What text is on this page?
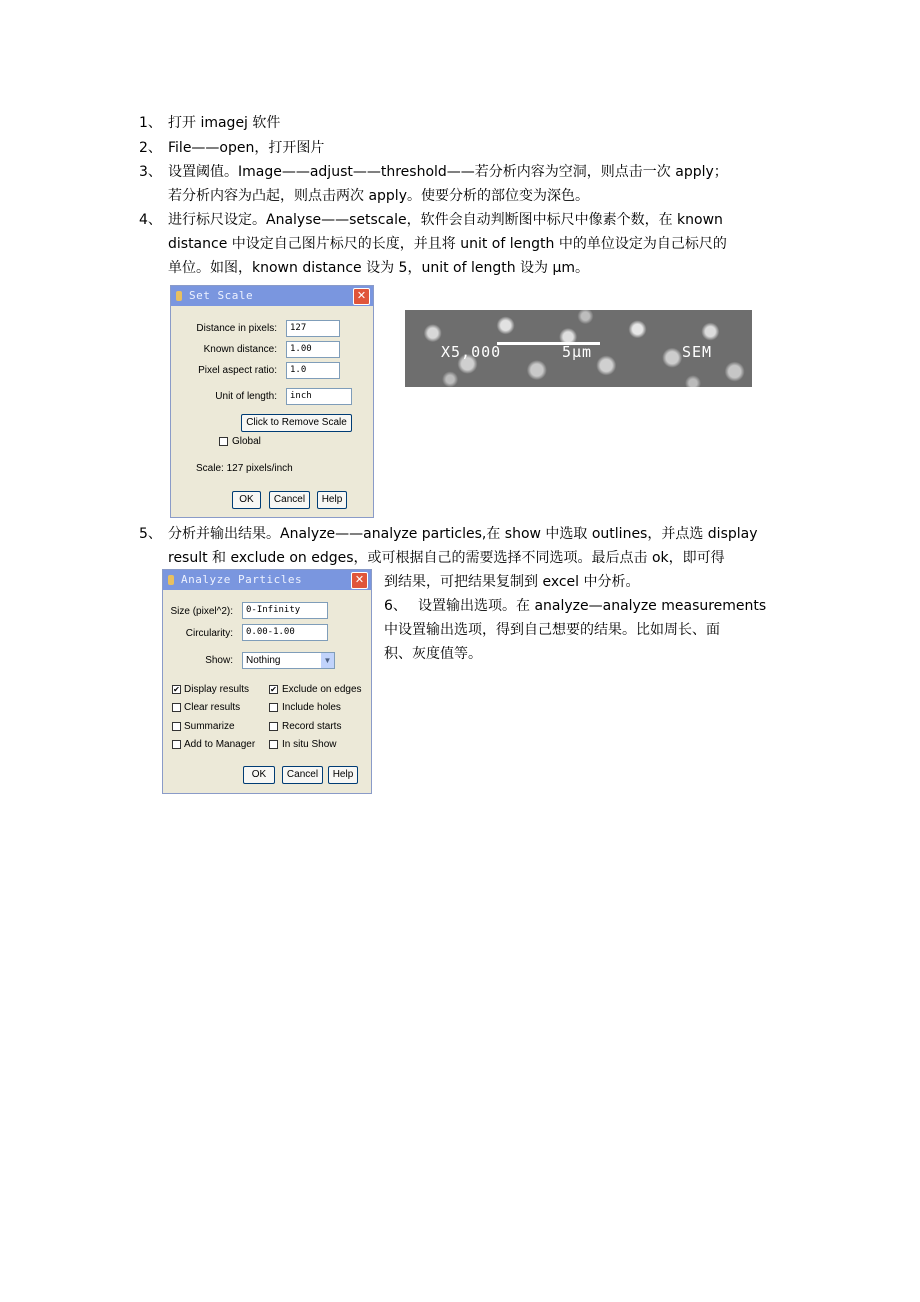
1、 打开 imagej 软件
2、 File——open，打开图片
3、 设置阈值。Image——adjust——threshold——若分析内容为空洞，则点击一次 apply；
若分析内容为凸起，则点击两次 apply。使要分析的部位变为深色。
4、 进行标尺设定。Analyse——setscale，软件会自动判断图中标尺中像素个数，在 known
distance 中设定自己图片标尺的长度，并且将 unit of length 中的单位设定为自己标尺的
单位。如图，known distance 设为 5，unit of length 设为 μm。
Set Scale	✕
Distance in pixels:	127
Known distance:	1.00
Pixel aspect ratio:	1.0
Unit of length:	inch
Click to Remove Scale
Global
Scale: 127 pixels/inch
OK	Cancel	Help
X5,000	5μm	SEM
5、 分析并输出结果。Analyze——analyze particles,在 show 中选取 outlines，并点选 display
result 和 exclude on edges，或可根据自己的需要选择不同选项。最后点击 ok，即可得
到结果，可把结果复制到 excel 中分析。
6、 设置输出选项。在 analyze—analyze measurements
中设置输出选项，得到自己想要的结果。比如周长、面
积、灰度值等。
Analyze Particles	✕
Size (pixel^2):	0-Infinity
Circularity:	0.00-1.00
Show:	Nothing	▼
✔ Display results	✔ Exclude on edges
Clear results	Include holes
Summarize	Record starts
Add to Manager	In situ Show
OK	Cancel	Help
